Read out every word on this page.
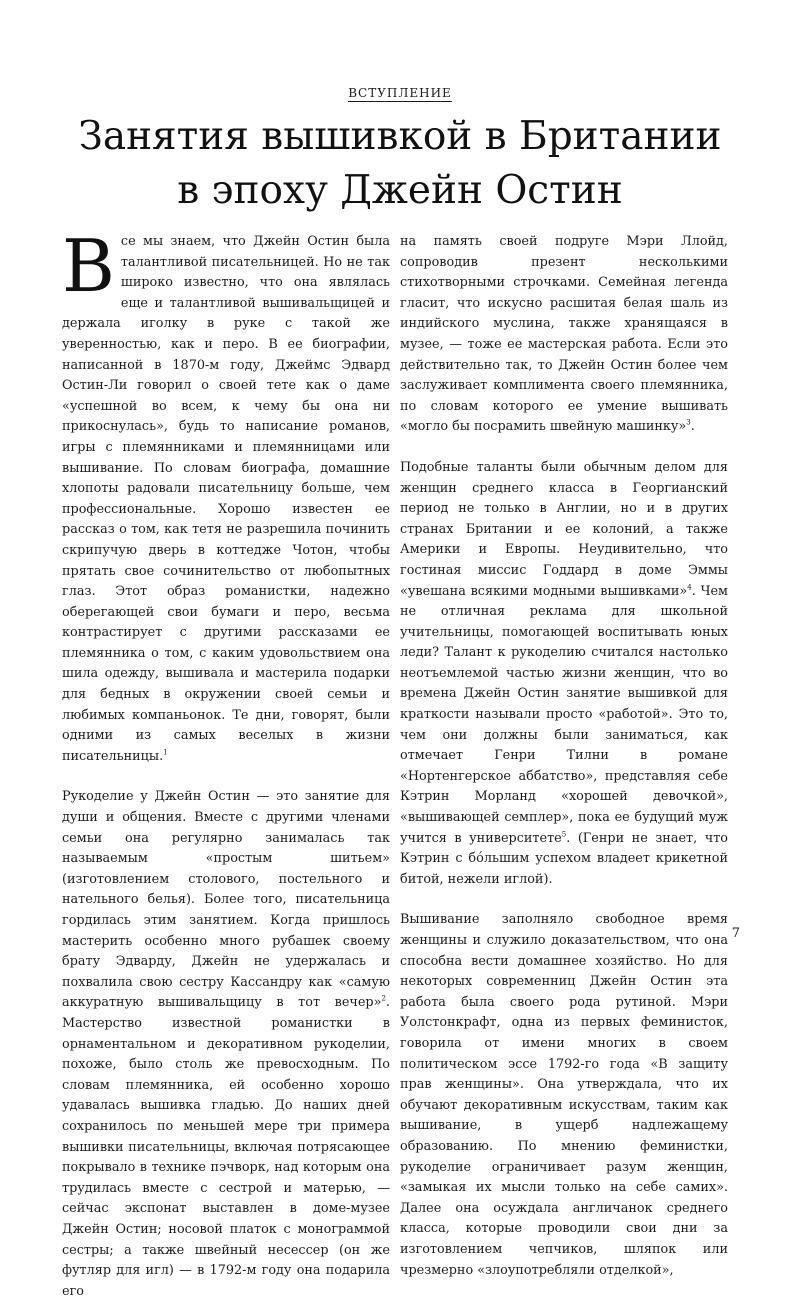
ВСТУПЛЕНИЕ
Занятия вышивкой в Британии
в эпоху Джейн Остин

Все мы знаем, что Джейн Остин была талантливой писательницей. Но не так широко известно, что она являлась еще и талантливой вышивальщицей и держала иголку в руке с такой же уверенностью, как и перо. В ее биографии, написанной в 1870-м году, Джеймс Эдвард Остин-Ли говорил о своей тете как о даме «успешной во всем, к чему бы она ни прикоснулась», будь то написание романов, игры с племянниками и племянницами или вышивание. По словам биографа, домашние хлопоты радовали писательницу больше, чем профессиональные. Хорошо известен ее рассказ о том, как тетя не разрешила починить скрипучую дверь в коттедже Чотон, чтобы прятать свое сочинительство от любопытных глаз. Этот образ романистки, надежно оберегающей свои бумаги и перо, весьма контрастирует с другими рассказами ее племянника о том, с каким удовольствием она шила одежду, вышивала и мастерила подарки для бедных в окружении своей семьи и любимых компаньонок. Те дни, говорят, были одними из самых веселых в жизни писательницы.$^1$

Рукоделие у Джейн Остин — это занятие для души и общения. Вместе с другими членами семьи она регулярно занималась так называемым «простым шитьем» (изготовлением столового, постельного и нательного белья). Более того, писательница гордилась этим занятием. Когда пришлось мастерить особенно много рубашек своему брату Эдварду, Джейн не удержалась и похвалила свою сестру Кассандру как «самую аккуратную вышивальщицу в тот вечер»$^2$. Мастерство известной романистки в орнаментальном и декоративном рукоделии, похоже, было столь же превосходным. По словам племянника, ей особенно хорошо удавалась вышивка гладью. До наших дней сохранилось по меньшей мере три примера вышивки писательницы, включая потрясающее покрывало в технике пэчворк, над которым она трудилась вместе с сестрой и матерью, — сейчас экспонат выставлен в доме-музее Джейн Остин; носовой платок с монограммой сестры; а также швейный несессер (он же футляр для игл) — в 1792-м году она подарила его

на память своей подруге Мэри Ллойд, сопроводив презент несколькими стихотворными строчками. Семейная легенда гласит, что искусно расшитая белая шаль из индийского муслина, также хранящаяся в музее, — тоже ее мастерская работа. Если это действительно так, то Джейн Остин более чем заслуживает комплимента своего племянника, по словам которого ее умение вышивать «могло бы посрамить швейную машинку»$^3$.

Подобные таланты были обычным делом для женщин среднего класса в Георгианский период не только в Англии, но и в других странах Британии и ее колоний, а также Америки и Европы. Неудивительно, что гостиная миссис Годдард в доме Эммы «увешана всякими модными вышивками»$^4$. Чем не отличная реклама для школьной учительницы, помогающей воспитывать юных леди? Талант к рукоделию считался настолько неотъемлемой частью жизни женщин, что во времена Джейн Остин занятие вышивкой для краткости называли просто «работой». Это то, чем они должны были заниматься, как отмечает Генри Тилни в романе «Нортенгерское аббатство», представляя себе Кэтрин Морланд «хорошей девочкой», «вышивающей семплер», пока ее будущий муж учится в университете$^5$. (Генри не знает, что Кэтрин с бóльшим успехом владеет крикетной битой, нежели иглой).

Вышивание заполняло свободное время женщины и служило доказательством, что она способна вести домашнее хозяйство. Но для некоторых современниц Джейн Остин эта работа была своего рода рутиной. Мэри Уолстонкрафт, одна из первых феминисток, говорила от имени многих в своем политическом эссе 1792-го года «В защиту прав женщины». Она утверждала, что их обучают декоративным искусствам, таким как вышивание, в ущерб надлежащему образованию. По мнению феминистки, рукоделие ограничивает разум женщин, «замыкая их мысли только на себе самих». Далее она осуждала англичанок среднего класса, которые проводили свои дни за изготовлением чепчиков, шляпок или чрезмерно «злоупотребляли отделкой»,

7
